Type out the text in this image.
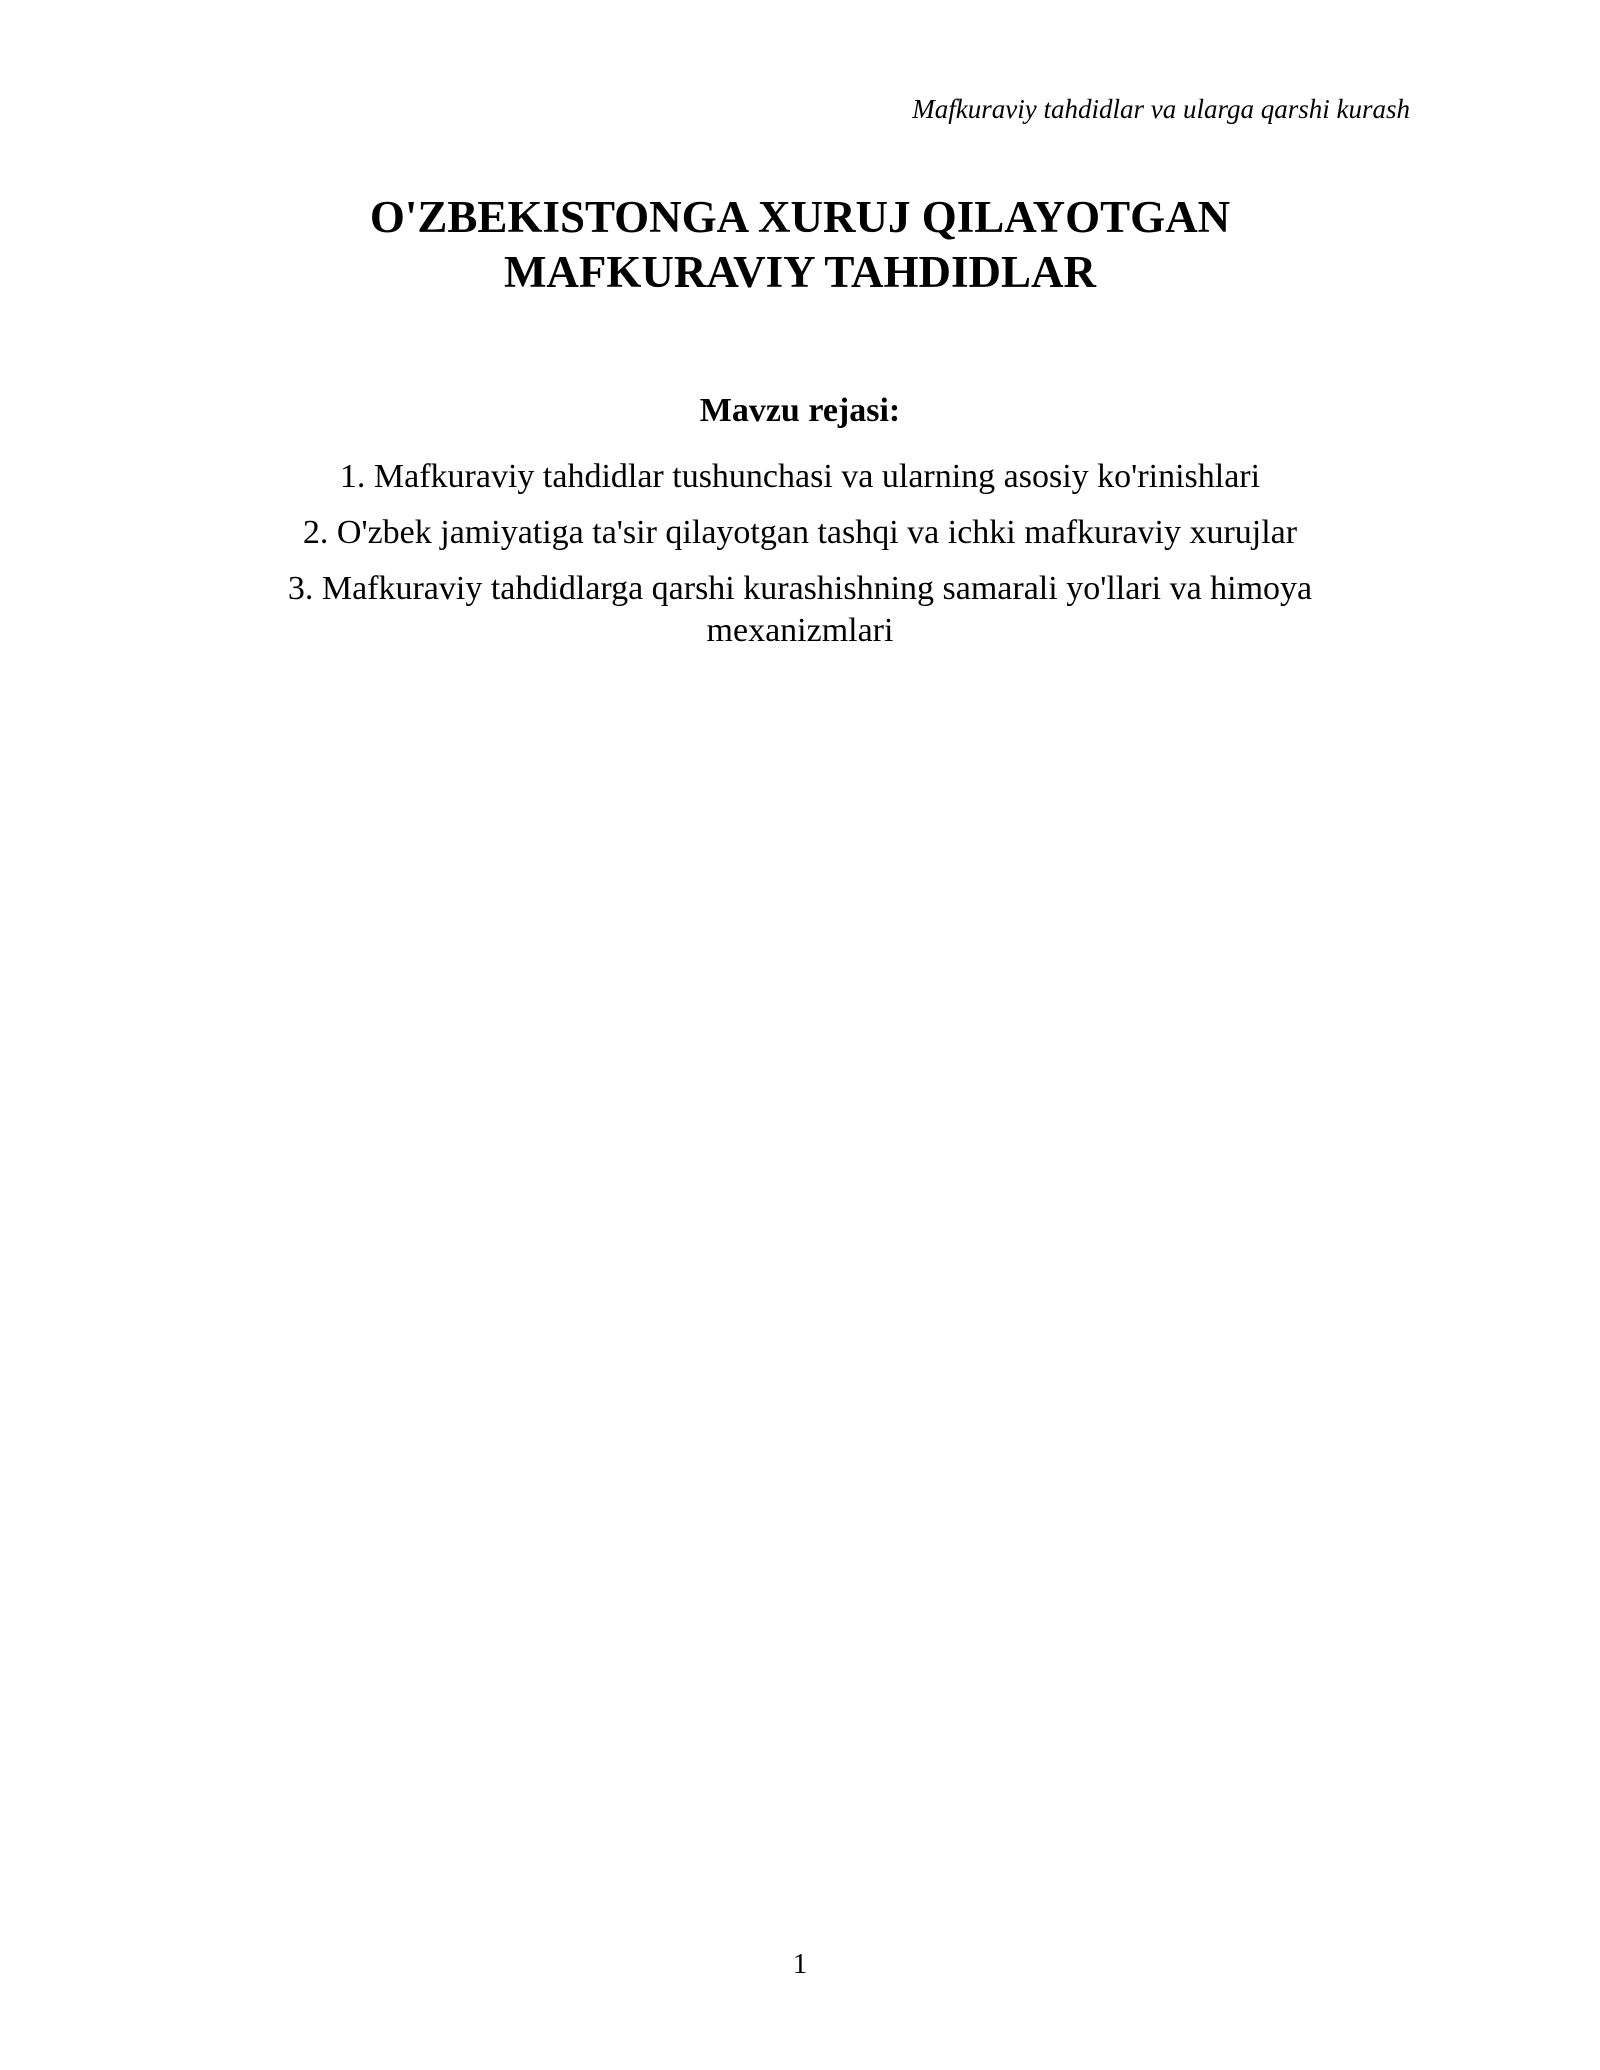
Mafkuraviy tahdidlar va ularga qarshi kurash
O'ZBEKISTONGA XURUJ QILAYOTGAN
MAFKURAVIY TAHDIDLAR
Mavzu rejasi:
1. Mafkuraviy tahdidlar tushunchasi va ularning asosiy ko'rinishlari
2. O'zbek jamiyatiga ta'sir qilayotgan tashqi va ichki mafkuraviy xurujlar
3. Mafkuraviy tahdidlarga qarshi kurashishning samarali yo'llari va himoya mexanizmlari
1
